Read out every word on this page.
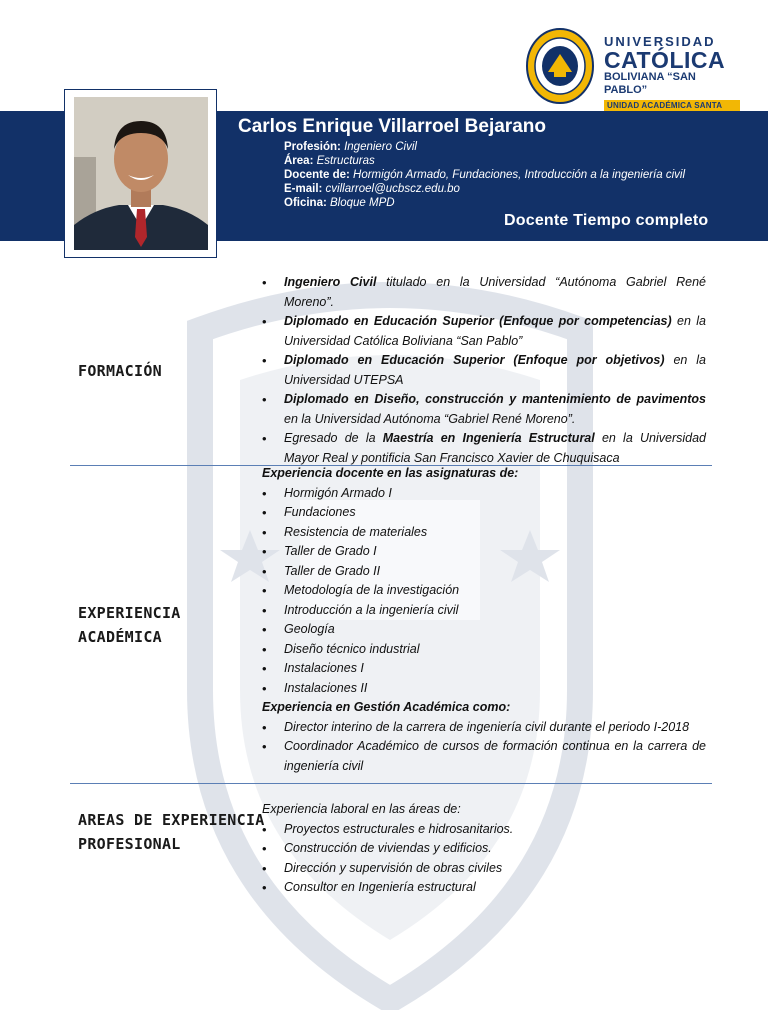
UNIVERSIDAD
CATÓLICA
BOLIVIANA “SAN PABLO”
UNIDAD ACADÉMICA SANTA
Carlos Enrique Villarroel Bejarano
Profesión: Ingeniero Civil
Área: Estructuras
Docente de: Hormigón Armado, Fundaciones, Introducción a la ingeniería civil
E-mail: cvillarroel@ucbscz.edu.bo
Oficina: Bloque MPD
Docente Tiempo completo
FORMACIÓN
• Ingeniero Civil titulado en la Universidad “Autónoma Gabriel René Moreno”.
• Diplomado en Educación Superior (Enfoque por competencias) en la Universidad Católica Boliviana “San Pablo”
• Diplomado en Educación Superior (Enfoque por objetivos) en la Universidad UTEPSA
• Diplomado en Diseño, construcción y mantenimiento de pavimentos en la Universidad Autónoma “Gabriel René Moreno”.
• Egresado de la Maestría en Ingeniería Estructural en la Universidad Mayor Real y pontificia San Francisco Xavier de Chuquisaca
EXPERIENCIA
ACADÉMICA
Experiencia docente en las asignaturas de:
• Hormigón Armado I
• Fundaciones
• Resistencia de materiales
• Taller de Grado I
• Taller de Grado II
• Metodología de la investigación
• Introducción a la ingeniería civil
• Geología
• Diseño técnico industrial
• Instalaciones I
• Instalaciones II
Experiencia en Gestión Académica como:
• Director interino de la carrera de ingeniería civil durante el periodo I-2018
• Coordinador Académico de cursos de formación continua en la carrera de ingeniería civil
AREAS DE EXPERIENCIA
PROFESIONAL
Experiencia laboral en las áreas de:
• Proyectos estructurales e hidrosanitarios.
• Construcción de viviendas y edificios.
• Dirección y supervisión de obras civiles
• Consultor en Ingeniería estructural
